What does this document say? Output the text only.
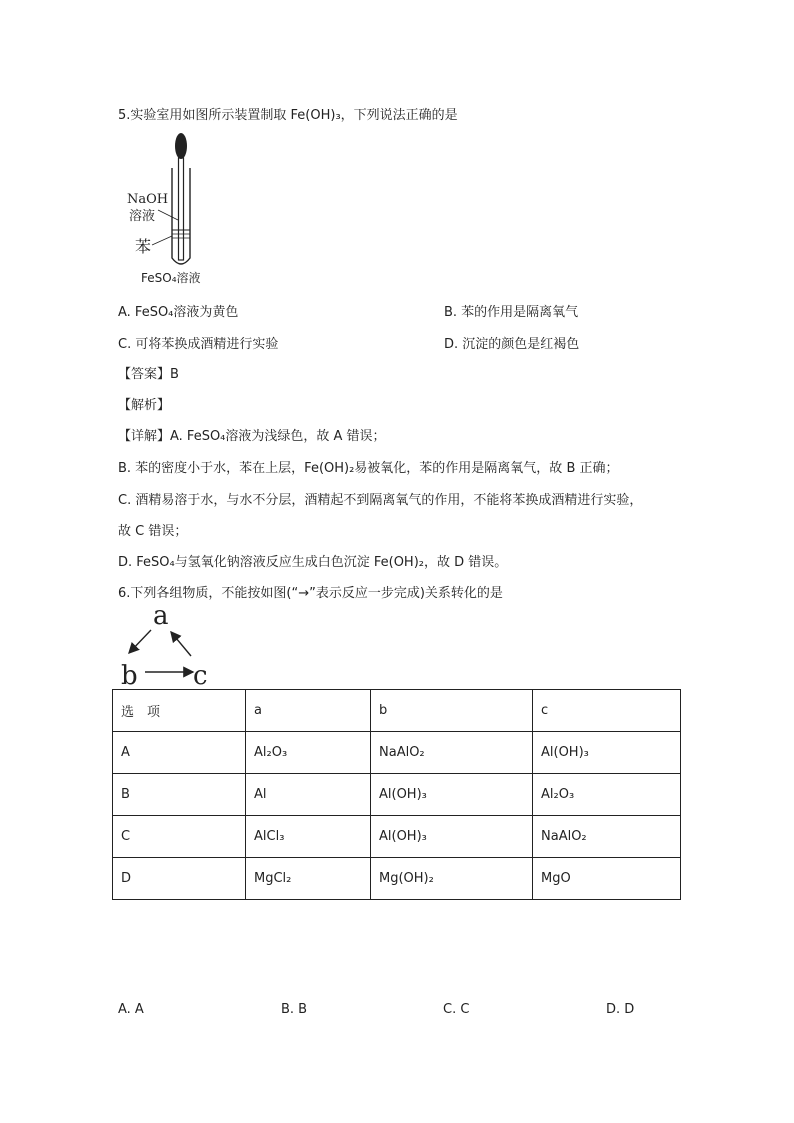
5.实验室用如图所示装置制取 Fe(OH)₃，下列说法正确的是
NaOH
溶液
苯
FeSO₄溶液
A. FeSO₄溶液为黄色	B. 苯的作用是隔离氧气
C. 可将苯换成酒精进行实验	D. 沉淀的颜色是红褐色
【答案】B
【解析】
【详解】A. FeSO₄溶液为浅绿色，故 A 错误；
B. 苯的密度小于水，苯在上层，Fe(OH)₂易被氧化，苯的作用是隔离氧气，故 B 正确；
C. 酒精易溶于水，与水不分层，酒精起不到隔离氧气的作用，不能将苯换成酒精进行实验，
故 C 错误；
D. FeSO₄与氢氧化钠溶液反应生成白色沉淀 Fe(OH)₂，故 D 错误。
6.下列各组物质，不能按如图(“→”表示反应一步完成)关系转化的是
a
b c
选　项	a	b	c
A	Al₂O₃	NaAlO₂	Al(OH)₃
B	Al	Al(OH)₃	Al₂O₃
C	AlCl₃	Al(OH)₃	NaAlO₂
D	MgCl₂	Mg(OH)₂	MgO
A. A	B. B	C. C	D. D
